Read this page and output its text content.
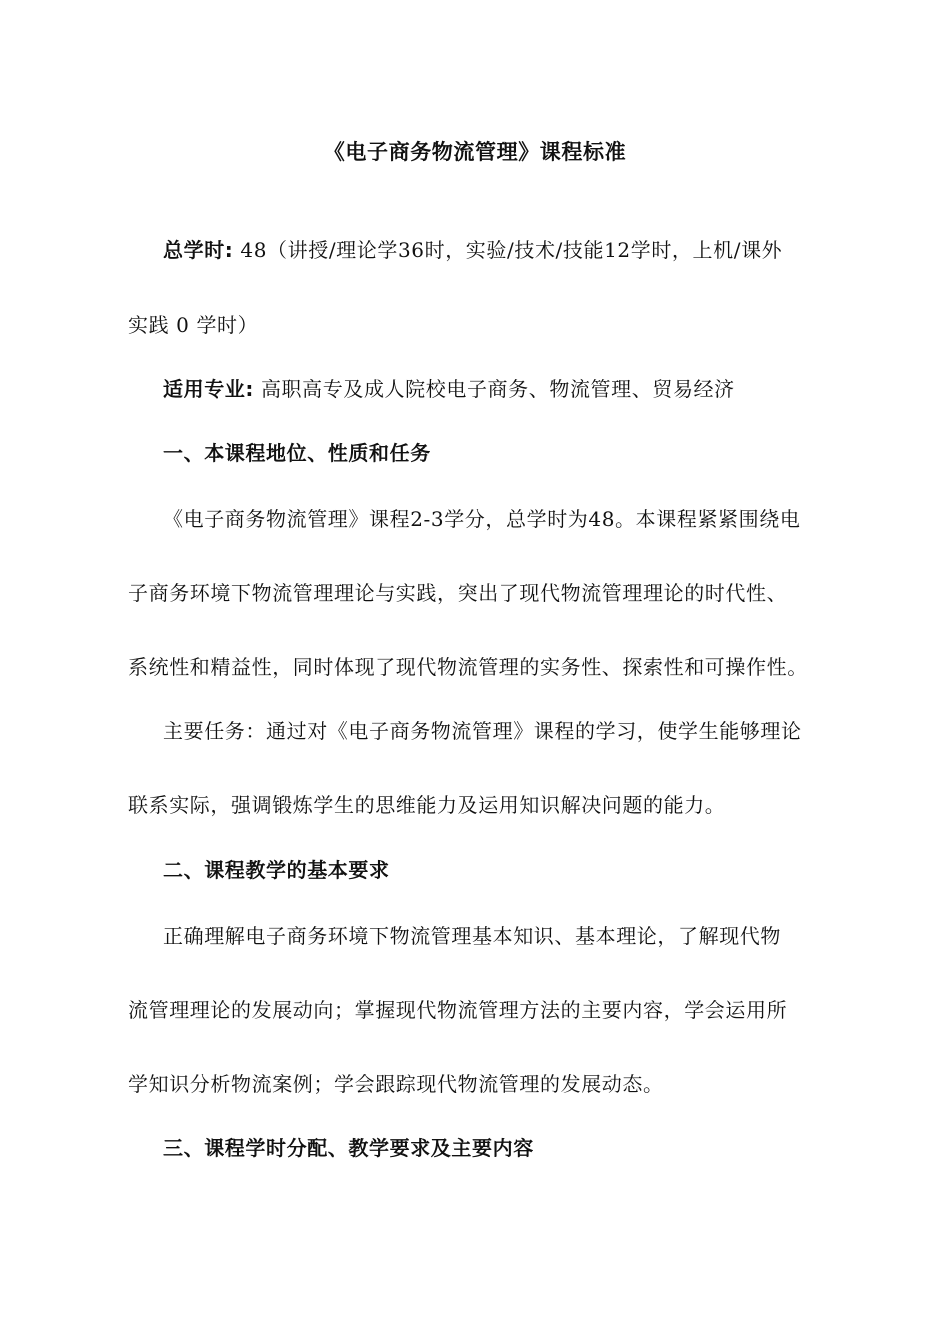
《电子商务物流管理》课程标准
总学时: 48（讲授/理论学36时，实验/技术/技能12学时，上机/课外
实践 0 学时）
适用专业: 高职高专及成人院校电子商务、物流管理、贸易经济
一、本课程地位、性质和任务
《电子商务物流管理》课程2-3学分，总学时为48。本课程紧紧围绕电
子商务环境下物流管理理论与实践，突出了现代物流管理理论的时代性、
系统性和精益性，同时体现了现代物流管理的实务性、探索性和可操作性。
主要任务：通过对《电子商务物流管理》课程的学习，使学生能够理论
联系实际，强调锻炼学生的思维能力及运用知识解决问题的能力。
二、课程教学的基本要求
正确理解电子商务环境下物流管理基本知识、基本理论，了解现代物
流管理理论的发展动向；掌握现代物流管理方法的主要内容，学会运用所
学知识分析物流案例；学会跟踪现代物流管理的发展动态。
三、课程学时分配、教学要求及主要内容
